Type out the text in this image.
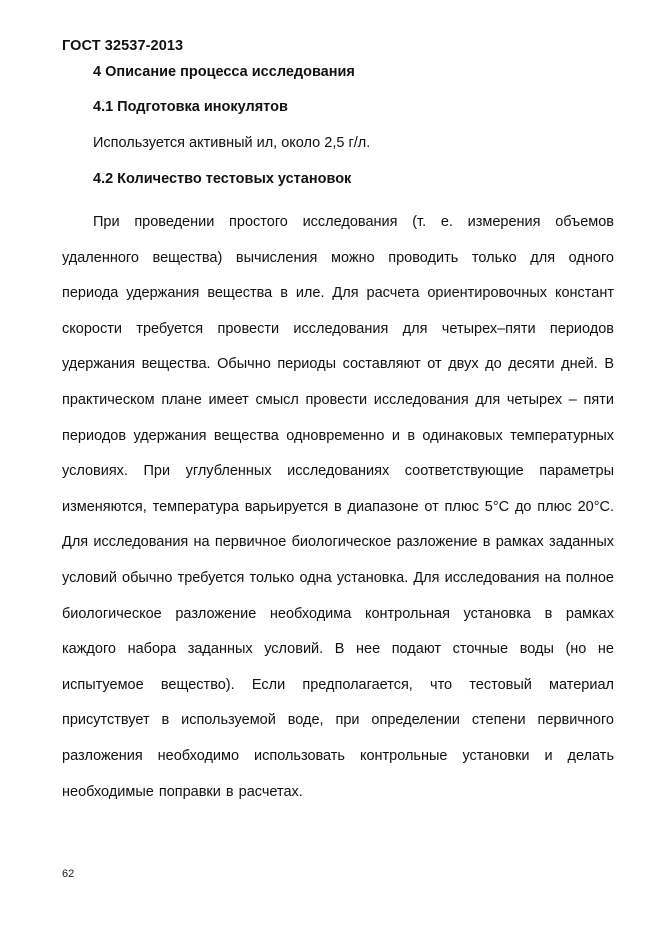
ГОСТ 32537-2013
4 Описание процесса исследования
4.1 Подготовка инокулятов
Используется активный ил, около 2,5 г/л.
4.2 Количество тестовых установок

При проведении простого исследования (т. е. измерения объемов удаленного вещества) вычисления можно проводить только для одного периода удержания вещества в иле. Для расчета ориентировочных констант скорости требуется провести исследования для четырех–пяти периодов удержания вещества. Обычно периоды составляют от двух до десяти дней. В практическом плане имеет смысл провести исследования для четырех – пяти периодов удержания вещества одновременно и в одинаковых температурных условиях. При углубленных исследованиях соответствующие параметры изменяются, температура варьируется в диапазоне от плюс 5°С до плюс 20°С. Для исследования на первичное биологическое разложение в рамках заданных условий обычно требуется только одна установка. Для исследования на полное биологическое разложение необходима контрольная установка в рамках каждого набора заданных условий. В нее подают сточные воды (но не испытуемое вещество). Если предполагается, что тестовый материал присутствует в используемой воде, при определении степени первичного разложения необходимо использовать контрольные установки и делать необходимые поправки в расчетах.

62
